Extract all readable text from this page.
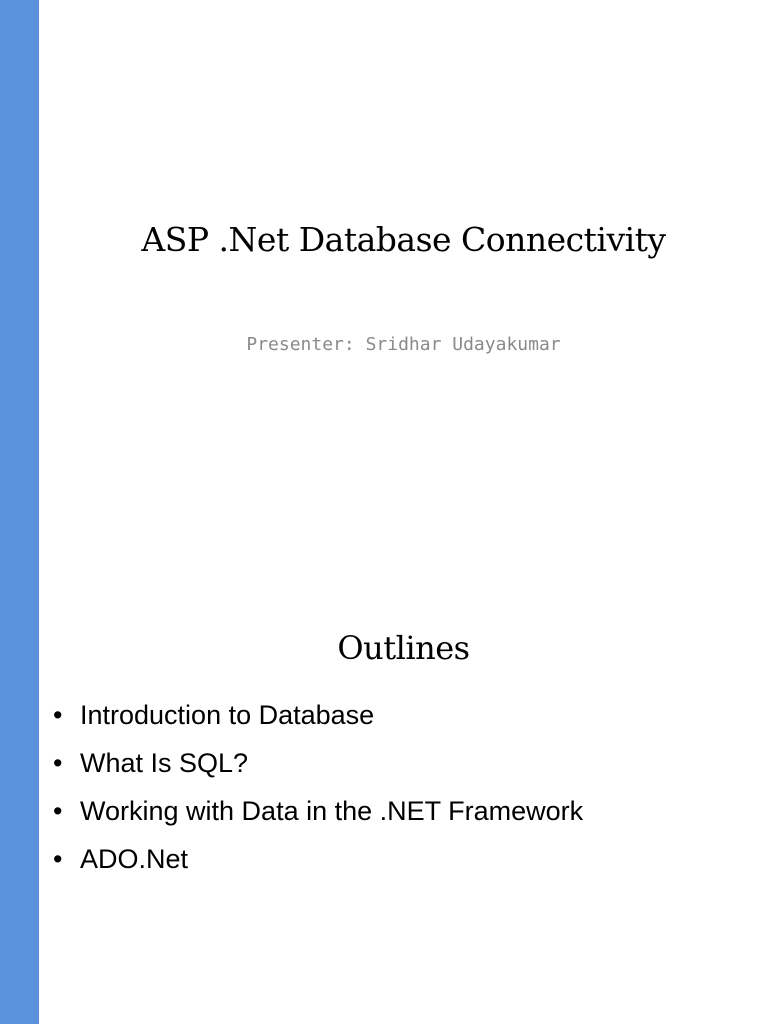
ASP .Net Database Connectivity
Presenter: Sridhar Udayakumar
Outlines
• Introduction to Database
• What Is SQL?
• Working with Data in the .NET Framework
• ADO.Net
